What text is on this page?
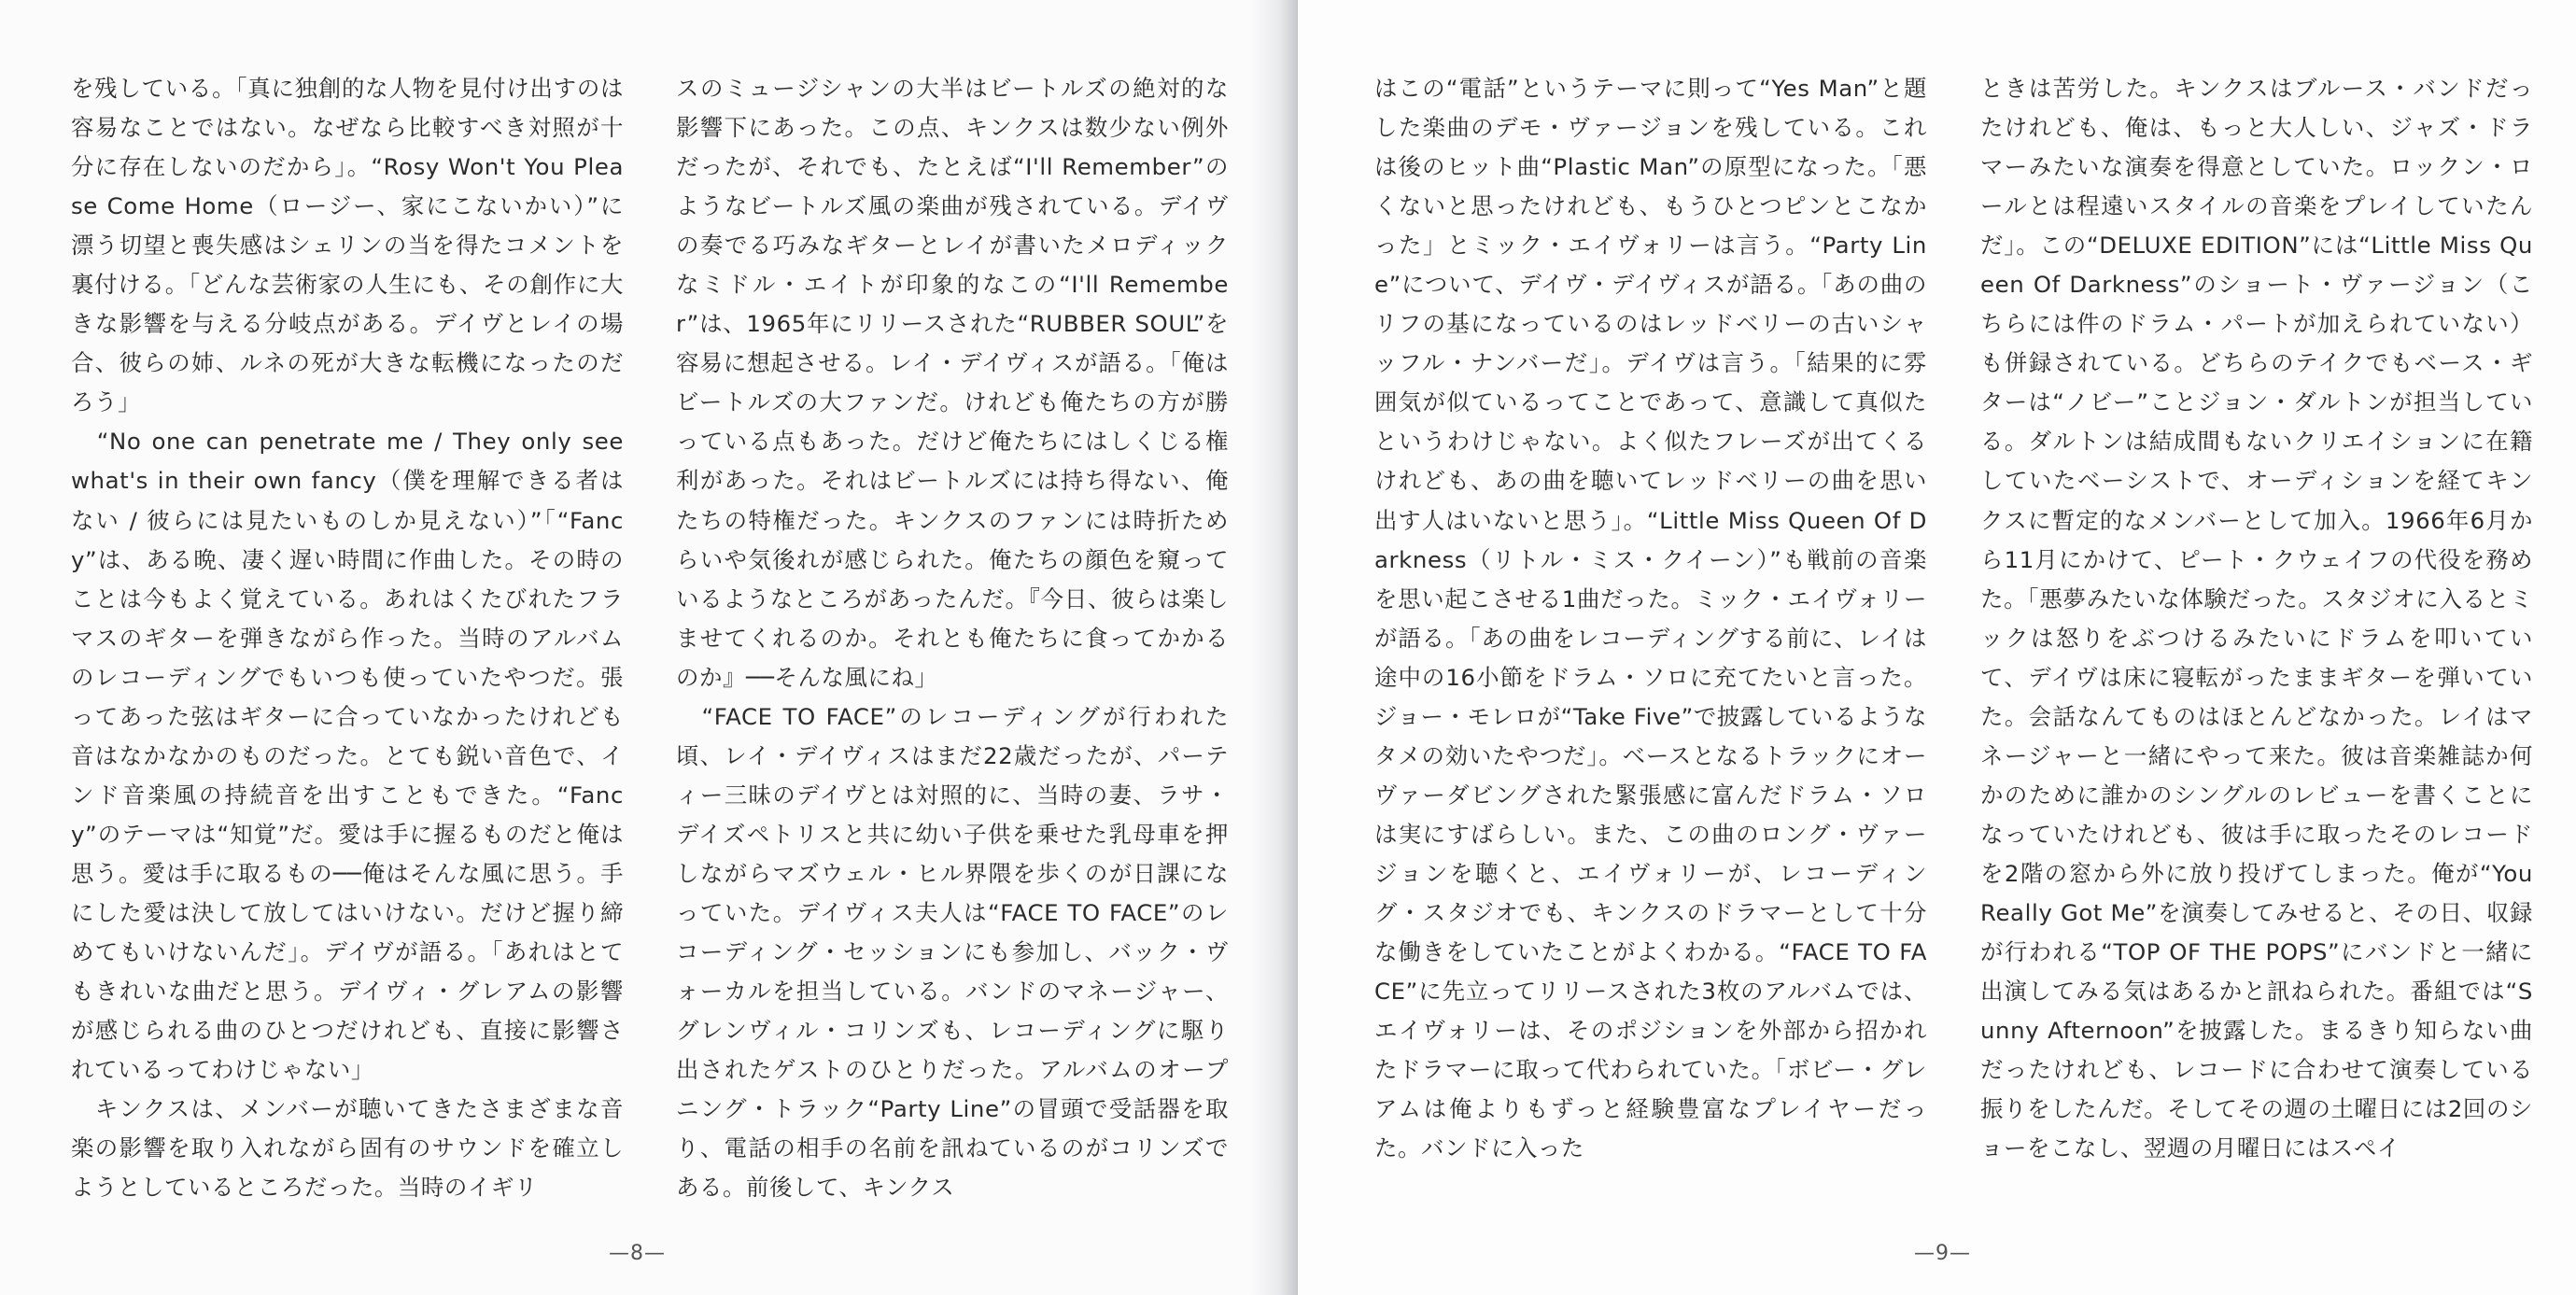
を残している。「真に独創的な人物を見付け出すのは容易なことではない。なぜなら比較すべき対照が十分に存在しないのだから」。“Rosy Won't You Please Come Home（ロージー、家にこないかい）”に漂う切望と喪失感はシェリンの当を得たコメントを裏付ける。「どんな芸術家の人生にも、その創作に大きな影響を与える分岐点がある。デイヴとレイの場合、彼らの姉、ルネの死が大きな転機になったのだろう」
　“No one can penetrate me / They only see what's in their own fancy（僕を理解できる者はない / 彼らには見たいものしか見えない）”「“Fancy”は、ある晩、凄く遅い時間に作曲した。その時のことは今もよく覚えている。あれはくたびれたフラマスのギターを弾きながら作った。当時のアルバムのレコーディングでもいつも使っていたやつだ。張ってあった弦はギターに合っていなかったけれども音はなかなかのものだった。とても鋭い音色で、インド音楽風の持続音を出すこともできた。“Fancy”のテーマは“知覚”だ。愛は手に握るものだと俺は思う。愛は手に取るもの──俺はそんな風に思う。手にした愛は決して放してはいけない。だけど握り締めてもいけないんだ」。デイヴが語る。「あれはとてもきれいな曲だと思う。デイヴィ・グレアムの影響が感じられる曲のひとつだけれども、直接に影響されているってわけじゃない」
　キンクスは、メンバーが聴いてきたさまざまな音楽の影響を取り入れながら固有のサウンドを確立しようとしているところだった。当時のイギリ
スのミュージシャンの大半はビートルズの絶対的な影響下にあった。この点、キンクスは数少ない例外だったが、それでも、たとえば“I'll Remember”のようなビートルズ風の楽曲が残されている。デイヴの奏でる巧みなギターとレイが書いたメロディックなミドル・エイトが印象的なこの“I'll Remember”は、1965年にリリースされた“RUBBER SOUL”を容易に想起させる。レイ・デイヴィスが語る。「俺はビートルズの大ファンだ。けれども俺たちの方が勝っている点もあった。だけど俺たちにはしくじる権利があった。それはビートルズには持ち得ない、俺たちの特権だった。キンクスのファンには時折ためらいや気後れが感じられた。俺たちの顔色を窺っているようなところがあったんだ。『今日、彼らは楽しませてくれるのか。それとも俺たちに食ってかかるのか』──そんな風にね」
　“FACE TO FACE”のレコーディングが行われた頃、レイ・デイヴィスはまだ22歳だったが、パーティー三昧のデイヴとは対照的に、当時の妻、ラサ・デイズペトリスと共に幼い子供を乗せた乳母車を押しながらマズウェル・ヒル界隈を歩くのが日課になっていた。デイヴィス夫人は“FACE TO FACE”のレコーディング・セッションにも参加し、バック・ヴォーカルを担当している。バンドのマネージャー、グレンヴィル・コリンズも、レコーディングに駆り出されたゲストのひとりだった。アルバムのオープニング・トラック“Party Line”の冒頭で受話器を取り、電話の相手の名前を訊ねているのがコリンズである。前後して、キンクス
—8—
はこの“電話”というテーマに則って“Yes Man”と題した楽曲のデモ・ヴァージョンを残している。これは後のヒット曲“Plastic Man”の原型になった。「悪くないと思ったけれども、もうひとつピンとこなかった」とミック・エイヴォリーは言う。“Party Line”について、デイヴ・デイヴィスが語る。「あの曲のリフの基になっているのはレッドベリーの古いシャッフル・ナンバーだ」。デイヴは言う。「結果的に雰囲気が似ているってことであって、意識して真似たというわけじゃない。よく似たフレーズが出てくるけれども、あの曲を聴いてレッドベリーの曲を思い出す人はいないと思う」。“Little Miss Queen Of Darkness（リトル・ミス・クイーン）”も戦前の音楽を思い起こさせる1曲だった。ミック・エイヴォリーが語る。「あの曲をレコーディングする前に、レイは途中の16小節をドラム・ソロに充てたいと言った。ジョー・モレロが“Take Five”で披露しているようなタメの効いたやつだ」。ベースとなるトラックにオーヴァーダビングされた緊張感に富んだドラム・ソロは実にすばらしい。また、この曲のロング・ヴァージョンを聴くと、エイヴォリーが、レコーディング・スタジオでも、キンクスのドラマーとして十分な働きをしていたことがよくわかる。“FACE TO FACE”に先立ってリリースされた3枚のアルバムでは、エイヴォリーは、そのポジションを外部から招かれたドラマーに取って代わられていた。「ボビー・グレアムは俺よりもずっと経験豊富なプレイヤーだった。バンドに入った
ときは苦労した。キンクスはブルース・バンドだったけれども、俺は、もっと大人しい、ジャズ・ドラマーみたいな演奏を得意としていた。ロックン・ロールとは程遠いスタイルの音楽をプレイしていたんだ」。この“DELUXE EDITION”には“Little Miss Queen Of Darkness”のショート・ヴァージョン（こちらには件のドラム・パートが加えられていない）も併録されている。どちらのテイクでもベース・ギターは“ノビー”ことジョン・ダルトンが担当している。ダルトンは結成間もないクリエイションに在籍していたベーシストで、オーディションを経てキンクスに暫定的なメンバーとして加入。1966年6月から11月にかけて、ピート・クウェイフの代役を務めた。「悪夢みたいな体験だった。スタジオに入るとミックは怒りをぶつけるみたいにドラムを叩いていて、デイヴは床に寝転がったままギターを弾いていた。会話なんてものはほとんどなかった。レイはマネージャーと一緒にやって来た。彼は音楽雑誌か何かのために誰かのシングルのレビューを書くことになっていたけれども、彼は手に取ったそのレコードを2階の窓から外に放り投げてしまった。俺が“You Really Got Me”を演奏してみせると、その日、収録が行われる“TOP OF THE POPS”にバンドと一緒に出演してみる気はあるかと訊ねられた。番組では“Sunny Afternoon”を披露した。まるきり知らない曲だったけれども、レコードに合わせて演奏している振りをしたんだ。そしてその週の土曜日には2回のショーをこなし、翌週の月曜日にはスペイ
—9—
